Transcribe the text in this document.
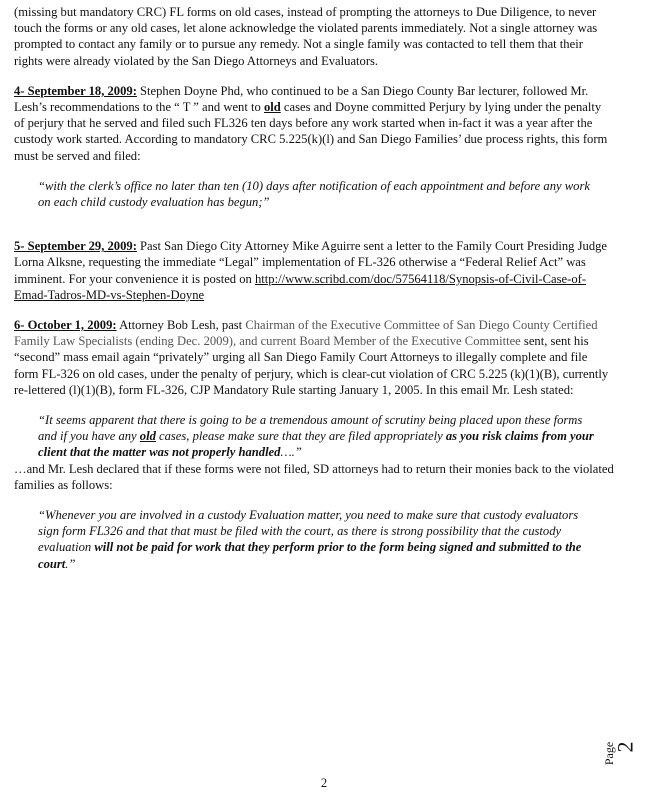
(missing but mandatory CRC) FL forms on old cases, instead of prompting the attorneys to Due Diligence, to never touch the forms or any old cases, let alone acknowledge the violated parents immediately. Not a single attorney was prompted to contact any family or to pursue any remedy. Not a single family was contacted to tell them that their rights were already violated by the San Diego Attorneys and Evaluators.

4- September 18, 2009: Stephen Doyne Phd, who continued to be a San Diego County Bar lecturer, followed Mr. Lesh’s recommendations to the “ T ” and went to old cases and Doyne committed Perjury by lying under the penalty of perjury that he served and filed such FL326 ten days before any work started when in-fact it was a year after the custody work started. According to mandatory CRC 5.225(k)(l) and San Diego Families’ due process rights, this form must be served and filed:

“with the clerk’s office no later than ten (10) days after notification of each appointment and before any work on each child custody evaluation has begun;”

5- September 29, 2009: Past San Diego City Attorney Mike Aguirre sent a letter to the Family Court Presiding Judge Lorna Alksne, requesting the immediate “Legal” implementation of FL-326 otherwise a “Federal Relief Act” was imminent. For your convenience it is posted on http://www.scribd.com/doc/57564118/Synopsis-of-Civil-Case-of-Emad-Tadros-MD-vs-Stephen-Doyne

6- October 1, 2009: Attorney Bob Lesh, past Chairman of the Executive Committee of San Diego County Certified Family Law Specialists (ending Dec. 2009), and current Board Member of the Executive Committee sent, sent his “second” mass email again “privately” urging all San Diego Family Court Attorneys to illegally complete and file form FL-326 on old cases, under the penalty of perjury, which is clear-cut violation of CRC 5.225 (k)(1)(B), currently re-lettered (l)(1)(B), form FL-326, CJP Mandatory Rule starting January 1, 2005. In this email Mr. Lesh stated:

“It seems apparent that there is going to be a tremendous amount of scrutiny being placed upon these forms and if you have any old cases, please make sure that they are filed appropriately as you risk claims from your client that the matter was not properly handled….”

…and Mr. Lesh declared that if these forms were not filed, SD attorneys had to return their monies back to the violated families as follows:

“Whenever you are involved in a custody Evaluation matter, you need to make sure that custody evaluators sign form FL326 and that that must be filed with the court, as there is strong possibility that the custody evaluation will not be paid for work that they perform prior to the form being signed and submitted to the court.”

Page
2
2
